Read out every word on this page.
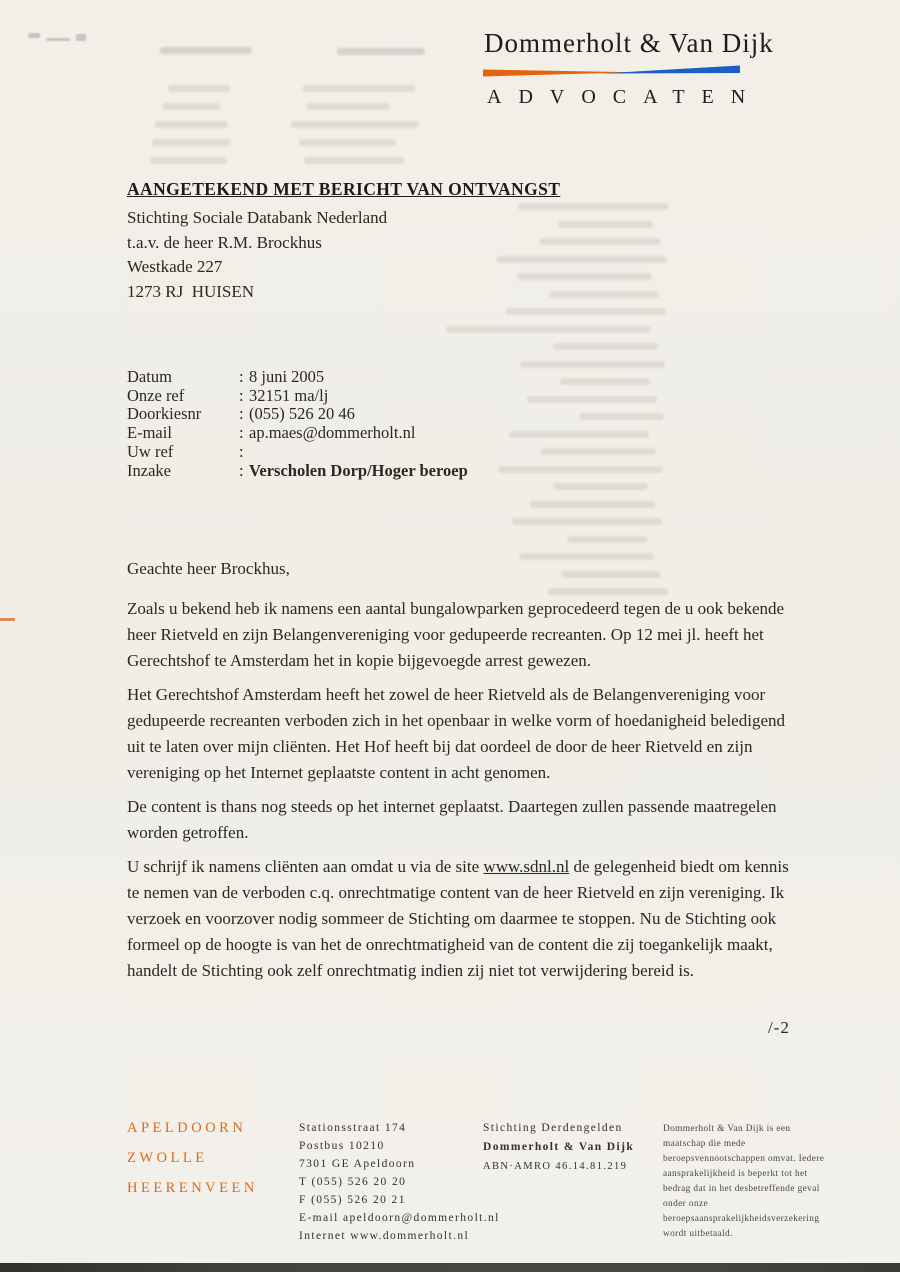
Dommerholt & Van Dijk
ADVOCATEN
AANGETEKEND MET BERICHT VAN ONTVANGST
Stichting Sociale Databank Nederland
t.a.v. de heer R.M. Brockhus
Westkade 227
1273 RJ  HUISEN
Datum	: 8 juni 2005
Onze ref	: 32151 ma/lj
Doorkiesnr	: (055) 526 20 46
E-mail	: ap.maes@dommerholt.nl
Uw ref	:
Inzake	: Verscholen Dorp/Hoger beroep
Geachte heer Brockhus,

Zoals u bekend heb ik namens een aantal bungalowparken geprocedeerd tegen de u ook bekende heer Rietveld en zijn Belangenvereniging voor gedupeerde recreanten. Op 12 mei jl. heeft het Gerechtshof te Amsterdam het in kopie bijgevoegde arrest gewezen.

Het Gerechtshof Amsterdam heeft het zowel de heer Rietveld als de Belangenvereniging voor gedupeerde recreanten verboden zich in het openbaar in welke vorm of hoedanigheid beledigend uit te laten over mijn cliënten. Het Hof heeft bij dat oordeel de door de heer Rietveld en zijn vereniging op het Internet geplaatste content in acht genomen.

De content is thans nog steeds op het internet geplaatst. Daartegen zullen passende maatregelen worden getroffen.

U schrijf ik namens cliënten aan omdat u via de site www.sdnl.nl de gelegenheid biedt om kennis te nemen van de verboden c.q. onrechtmatige content van de heer Rietveld en zijn vereniging. Ik verzoek en voorzover nodig sommeer de Stichting om daarmee te stoppen. Nu de Stichting ook formeel op de hoogte is van het de onrechtmatigheid van de content die zij toegankelijk maakt, handelt de Stichting ook zelf onrechtmatig indien zij niet tot verwijdering bereid is.

/-2
APELDOORN
ZWOLLE
HEERENVEEN
Stationsstraat 174
Postbus 10210
7301 GE Apeldoorn
T (055) 526 20 20
F (055) 526 20 21
E-mail apeldoorn@dommerholt.nl
Internet www.dommerholt.nl
Stichting Derdengelden
Dommerholt & Van Dijk
ABN·AMRO 46.14.81.219
Dommerholt & Van Dijk is een maatschap die mede beroepsvennootschappen omvat. Iedere aansprakelijkheid is beperkt tot het bedrag dat in het desbetreffende geval onder onze beroepsaansprakelijkheidsverzekering wordt uitbetaald.
